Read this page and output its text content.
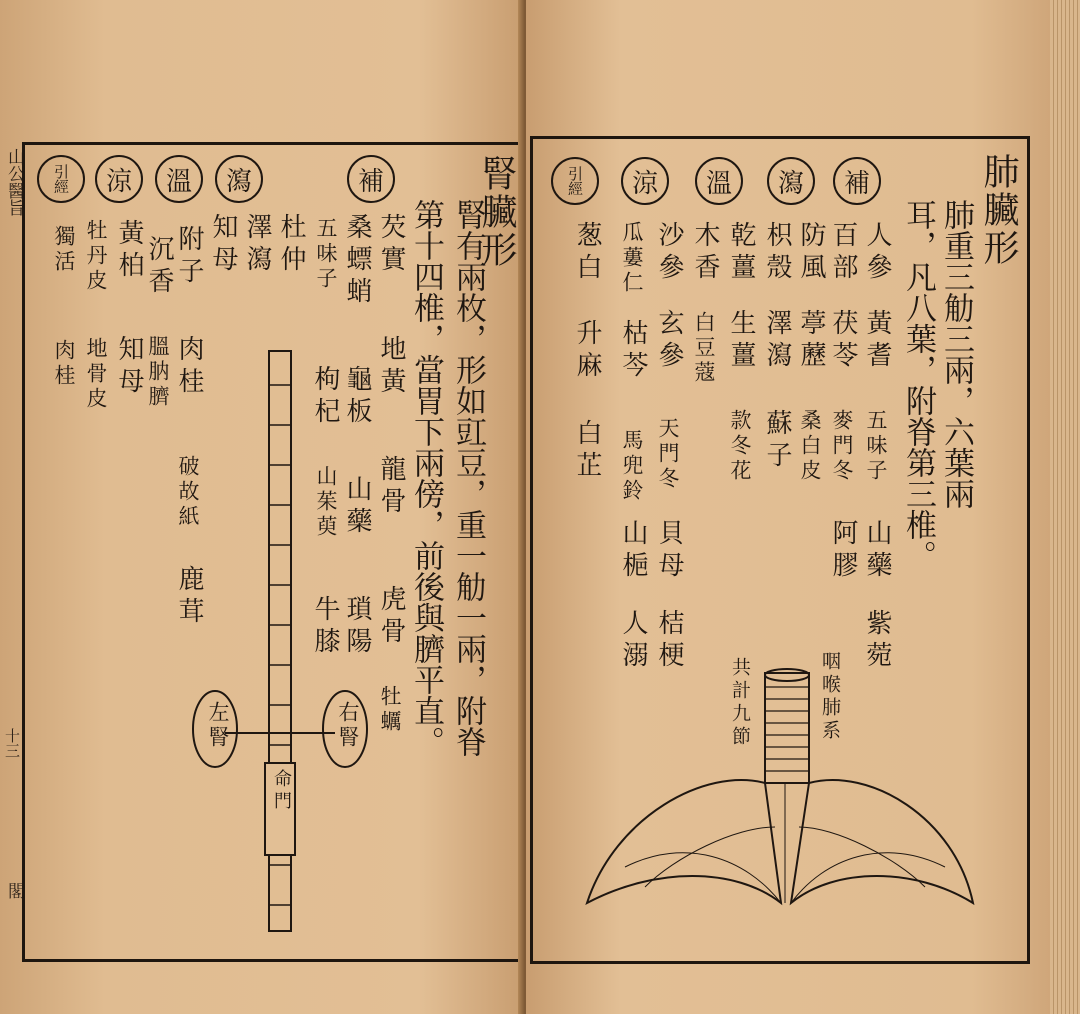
山公醫旨
十三
閣
腎臟形
腎有兩枚，形如豇豆，重一觔一兩，附脊
第十四椎，當胃下兩傍，前後與臍平直。
補
瀉
溫
涼
引經
芡實
地黃
龍骨
虎骨
牡蠣
桑螵蛸
龜板
山藥
瑣陽
五味子
枸杞
山茱萸
牛膝
杜仲
澤瀉
知母
附子
肉桂
破故紙
鹿茸
沉香
膃肭臍
黃柏
知母
牡丹皮
地骨皮
獨活
肉桂
左腎	右腎
命門
肺臟形
肺重三觔三兩，六葉兩
耳，凡八葉，附脊第三椎。
補
瀉
溫
涼
引經
人參
黃耆
五味子
山藥
紫菀
百部
茯苓
麥門冬
阿膠
防風
葶藶
桑白皮
枳殼
澤瀉
蘇子
乾薑
生薑
款冬花
木香
白豆蔻
沙參
玄參
天門冬
貝母
桔梗
瓜蔞仁
枯芩
馬兜鈴
山梔
人溺
葱白
升麻
白芷
共計九節	咽喉肺系
